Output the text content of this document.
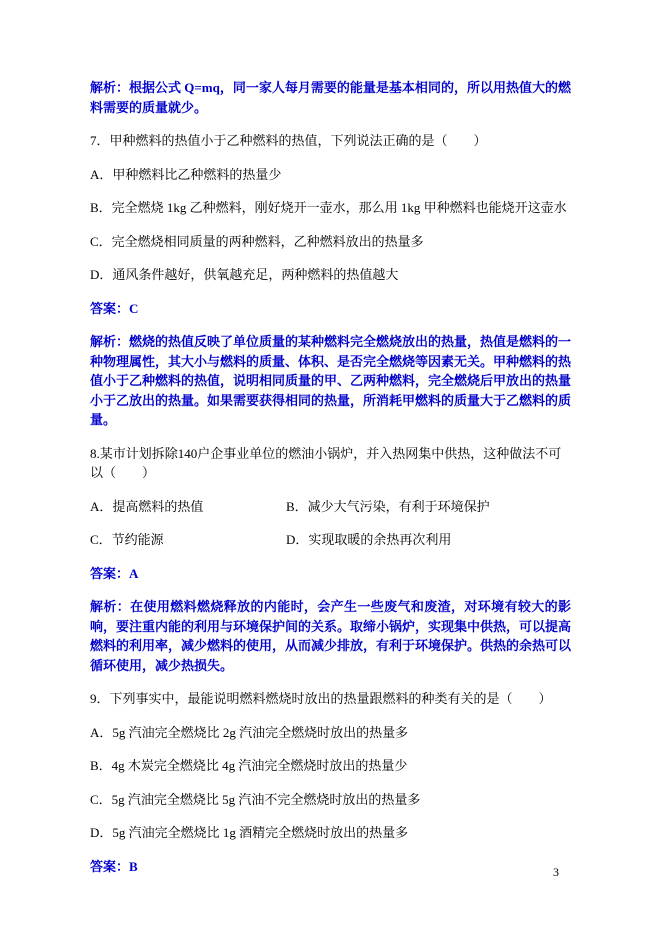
解析：根据公式 Q=mq，同一家人每月需要的能量是基本相同的，所以用热值大的燃料需要的质量就少。

7．甲种燃料的热值小于乙种燃料的热值，下列说法正确的是（　　）

A．甲种燃料比乙种燃料的热量少

B．完全燃烧 1kg 乙种燃料，刚好烧开一壶水，那么用 1kg 甲种燃料也能烧开这壶水

C．完全燃烧相同质量的两种燃料，乙种燃料放出的热量多

D．通风条件越好，供氧越充足，两种燃料的热值越大

答案：C

解析：燃烧的热值反映了单位质量的某种燃料完全燃烧放出的热量，热值是燃料的一种物理属性，其大小与燃料的质量、体积、是否完全燃烧等因素无关。甲种燃料的热值小于乙种燃料的热值，说明相同质量的甲、乙两种燃料，完全燃烧后甲放出的热量小于乙放出的热量。如果需要获得相同的热量，所消耗甲燃料的质量大于乙燃料的质量。

8.某市计划拆除140户企事业单位的燃油小锅炉，并入热网集中供热，这种做法不可以（　　）

A．提高燃料的热值	B．减少大气污染，有利于环境保护

C．节约能源	D．实现取暖的余热再次利用

答案：A

解析：在使用燃料燃烧释放的内能时，会产生一些废气和废渣，对环境有较大的影响，要注重内能的利用与环境保护间的关系。取缔小锅炉，实现集中供热，可以提高燃料的利用率，减少燃料的使用，从而减少排放，有利于环境保护。供热的余热可以循环使用，减少热损失。

9．下列事实中，最能说明燃料燃烧时放出的热量跟燃料的种类有关的是（　　）

A．5g 汽油完全燃烧比 2g 汽油完全燃烧时放出的热量多

B．4g 木炭完全燃烧比 4g 汽油完全燃烧时放出的热量少

C．5g 汽油完全燃烧比 5g 汽油不完全燃烧时放出的热量多

D．5g 汽油完全燃烧比 1g 酒精完全燃烧时放出的热量多

答案：B	3
